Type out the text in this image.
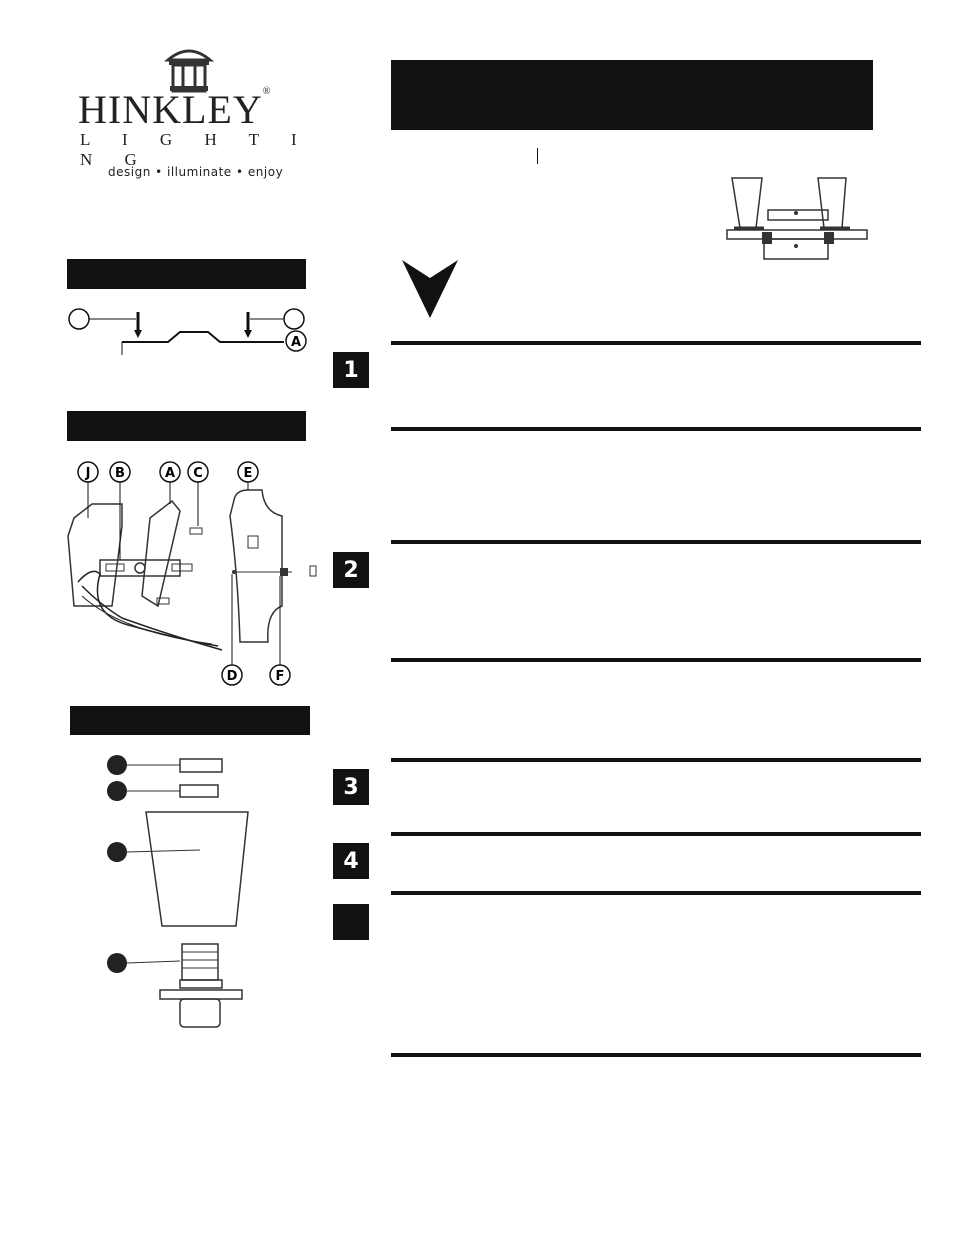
HINKLEY®
L I G H T I N G
design • illuminate • enjoy
A
J B	A C	E
D	F
1
2
3
4
